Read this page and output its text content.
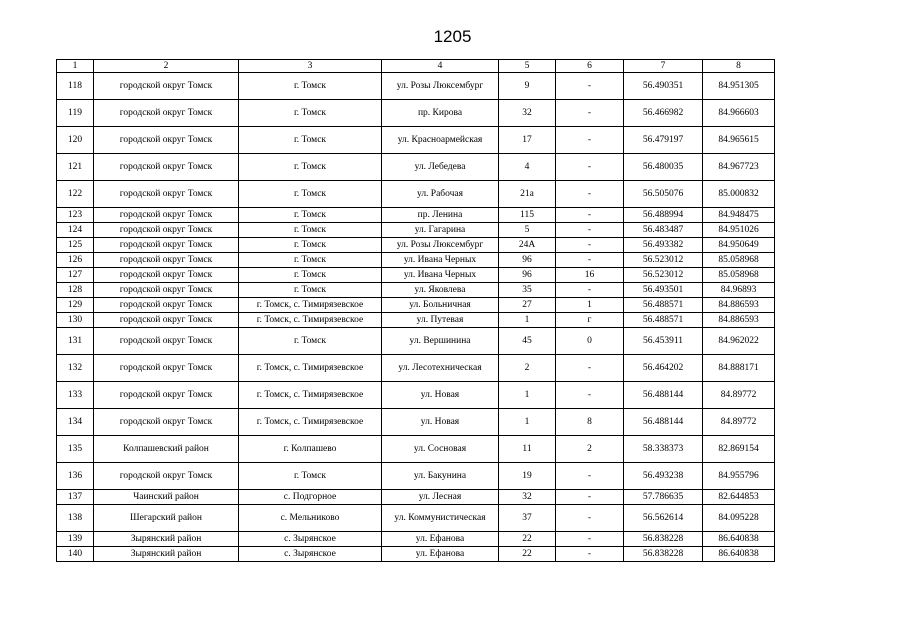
1205
1	2	3	4	5	6	7	8
118	городской округ Томск	г. Томск	ул. Розы Люксембург	9	-	56.490351	84.951305
119	городской округ Томск	г. Томск	пр. Кирова	32	-	56.466982	84.966603
120	городской округ Томск	г. Томск	ул. Красноармейская	17	-	56.479197	84.965615
121	городской округ Томск	г. Томск	ул. Лебедева	4	-	56.480035	84.967723
122	городской округ Томск	г. Томск	ул. Рабочая	21а	-	56.505076	85.000832
123	городской округ Томск	г. Томск	пр. Ленина	115	-	56.488994	84.948475
124	городской округ Томск	г. Томск	ул. Гагарина	5	-	56.483487	84.951026
125	городской округ Томск	г. Томск	ул. Розы Люксембург	24А	-	56.493382	84.950649
126	городской округ Томск	г. Томск	ул. Ивана Черных	96	-	56.523012	85.058968
127	городской округ Томск	г. Томск	ул. Ивана Черных	96	16	56.523012	85.058968
128	городской округ Томск	г. Томск	ул. Яковлева	35	-	56.493501	84.96893
129	городской округ Томск	г. Томск, с. Тимирязевское	ул. Больничная	27	1	56.488571	84.886593
130	городской округ Томск	г. Томск, с. Тимирязевское	ул. Путевая	1	г	56.488571	84.886593
131	городской округ Томск	г. Томск	ул. Вершинина	45	0	56.453911	84.962022
132	городской округ Томск	г. Томск, с. Тимирязевское	ул. Лесотехническая	2	-	56.464202	84.888171
133	городской округ Томск	г. Томск, с. Тимирязевское	ул. Новая	1	-	56.488144	84.89772
134	городской округ Томск	г. Томск, с. Тимирязевское	ул. Новая	1	8	56.488144	84.89772
135	Колпашевский район	г. Колпашево	ул. Сосновая	11	2	58.338373	82.869154
136	городской округ Томск	г. Томск	ул. Бакунина	19	-	56.493238	84.955796
137	Чаинский район	с. Подгорное	ул. Лесная	32	-	57.786635	82.644853
138	Шегарский район	с. Мельниково	ул. Коммунистическая	37	-	56.562614	84.095228
139	Зырянский район	с. Зырянское	ул. Ефанова	22	-	56.838228	86.640838
140	Зырянский район	с. Зырянское	ул. Ефанова	22	-	56.838228	86.640838
